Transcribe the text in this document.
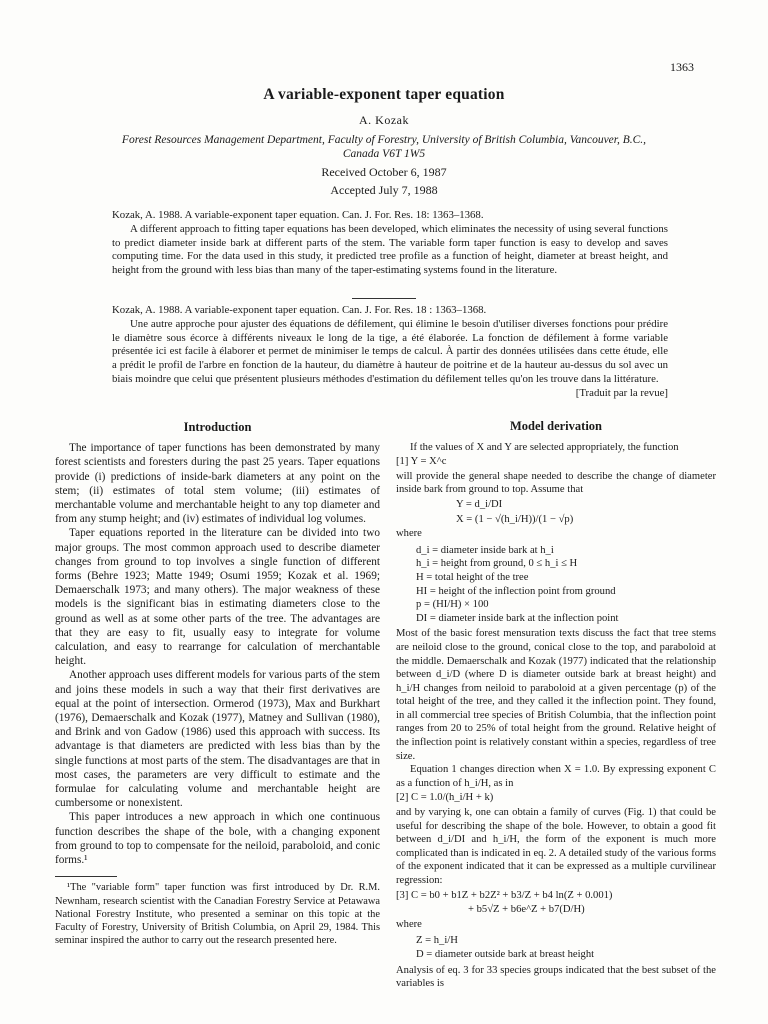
1363
A variable-exponent taper equation
A. Kozak
Forest Resources Management Department, Faculty of Forestry, University of British Columbia, Vancouver, B.C., Canada V6T 1W5
Received October 6, 1987
Accepted July 7, 1988

Kozak, A. 1988. A variable-exponent taper equation. Can. J. For. Res. 18: 1363–1368.

A different approach to fitting taper equations has been developed, which eliminates the necessity of using several functions to predict diameter inside bark at different parts of the stem. The variable form taper function is easy to develop and saves computing time. For the data used in this study, it predicted tree profile as a function of height, diameter at breast height, and height from the ground with less bias than many of the taper-estimating systems found in the literature.

Kozak, A. 1988. A variable-exponent taper equation. Can. J. For. Res. 18 : 1363–1368.

Une autre approche pour ajuster des équations de défilement, qui élimine le besoin d'utiliser diverses fonctions pour prédire le diamètre sous écorce à différents niveaux le long de la tige, a été élaborée. La fonction de défilement à forme variable présentée ici est facile à élaborer et permet de minimiser le temps de calcul. À partir des données utilisées dans cette étude, elle a prédit le profil de l'arbre en fonction de la hauteur, du diamètre à hauteur de poitrine et de la hauteur au-dessus du sol avec un biais moindre que celui que présentent plusieurs méthodes d'estimation du défilement telles qu'on les trouve dans la littérature.

[Traduit par la revue]

Introduction

The importance of taper functions has been demonstrated by many forest scientists and foresters during the past 25 years. Taper equations provide (i) predictions of inside-bark diameters at any point on the stem; (ii) estimates of total stem volume; (iii) estimates of merchantable volume and merchantable height to any top diameter and from any stump height; and (iv) estimates of individual log volumes.

Taper equations reported in the literature can be divided into two major groups. The most common approach used to describe diameter changes from ground to top involves a single function of different forms (Behre 1923; Matte 1949; Osumi 1959; Kozak et al. 1969; Demaerschalk 1973; and many others). The major weakness of these models is the significant bias in estimating diameters close to the ground as well as at some other parts of the tree. The advantages are that they are easy to fit, usually easy to integrate for volume calculation, and easy to rearrange for calculation of merchantable height.

Another approach uses different models for various parts of the stem and joins these models in such a way that their first derivatives are equal at the point of intersection. Ormerod (1973), Max and Burkhart (1976), Demaerschalk and Kozak (1977), Matney and Sullivan (1980), and Brink and von Gadow (1986) used this approach with success. Its advantage is that diameters are predicted with less bias than by the single functions at most parts of the stem. The disadvantages are that in most cases, the parameters are very difficult to estimate and the formulae for calculating volume and merchantable height are cumbersome or nonexistent.

This paper introduces a new approach in which one continuous function describes the shape of the bole, with a changing exponent from ground to top to compensate for the neiloid, paraboloid, and conic forms.¹

¹The "variable form" taper function was first introduced by Dr. R.M. Newnham, research scientist with the Canadian Forestry Service at Petawawa National Forestry Institute, who presented a seminar on this topic at the Faculty of Forestry, University of British Columbia, on April 29, 1984. This seminar inspired the author to carry out the research presented here.

Model derivation

If the values of X and Y are selected appropriately, the function

[1] Y = X^c

will provide the general shape needed to describe the change of diameter inside bark from ground to top. Assume that

Y = d_i/DI
X = (1 − √(h_i/H))/(1 − √p)
where
d_i = diameter inside bark at h_i
h_i = height from ground, 0 ≤ h_i ≤ H
H = total height of the tree
HI = height of the inflection point from ground
p = (HI/H) × 100
DI = diameter inside bark at the inflection point

Most of the basic forest mensuration texts discuss the fact that tree stems are neiloid close to the ground, conical close to the top, and paraboloid at the middle. Demaerschalk and Kozak (1977) indicated that the relationship between d_i/D (where D is diameter outside bark at breast height) and h_i/H changes from neiloid to paraboloid at a given percentage (p) of the total height of the tree, and they called it the inflection point. They found, in all commercial tree species of British Columbia, that the inflection point ranges from 20 to 25% of total height from the ground. Relative height of the inflection point is relatively constant within a species, regardless of tree size.

Equation 1 changes direction when X = 1.0. By expressing exponent C as a function of h_i/H, as in

[2] C = 1.0/(h_i/H + k)

and by varying k, one can obtain a family of curves (Fig. 1) that could be useful for describing the shape of the bole. However, to obtain a good fit between d_i/DI and h_i/H, the form of the exponent is much more complicated than is indicated in eq. 2. A detailed study of the various forms of the exponent indicated that it can be expressed as a multiple curvilinear regression:

[3] C = b0 + b1Z + b2Z² + b3/Z + b4 ln(Z + 0.001)
+ b5√Z + b6e^Z + b7(D/H)
where
Z = h_i/H
D = diameter outside bark at breast height

Analysis of eq. 3 for 33 species groups indicated that the best subset of the variables is
